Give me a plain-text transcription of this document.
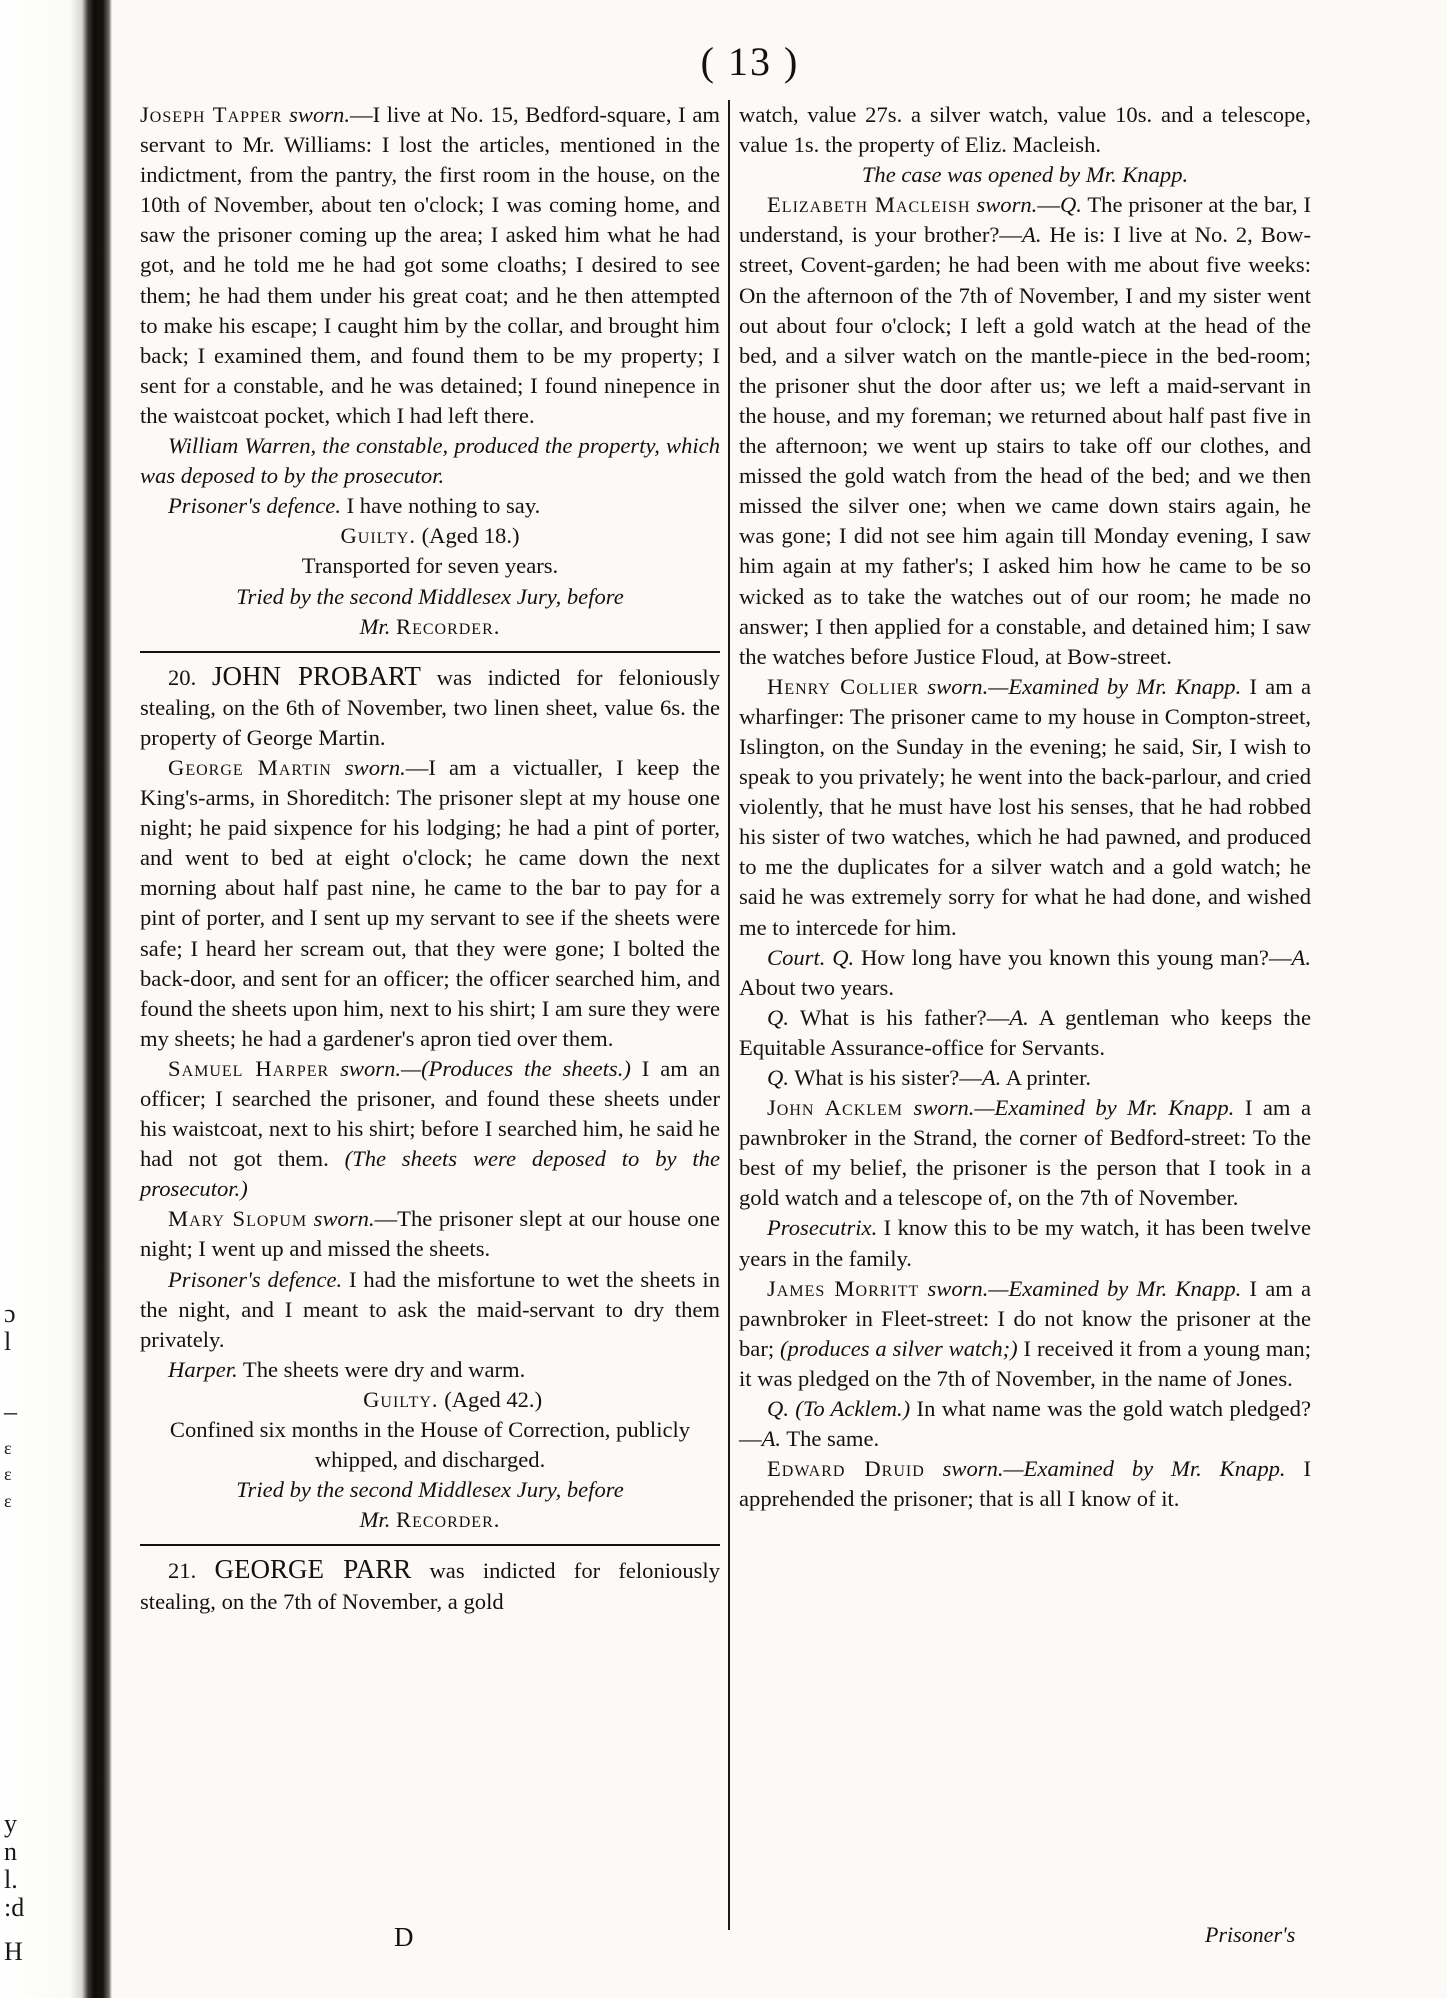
ɔ
l
–
ɛ
ɛ
ɛ
y
n
l.
:d
H
( 13 )

Joseph Tapper sworn.—I live at No. 15, Bedford-square, I am servant to Mr. Williams: I lost the articles, mentioned in the indictment, from the pantry, the first room in the house, on the 10th of November, about ten o'clock; I was coming home, and saw the prisoner coming up the area; I asked him what he had got, and he told me he had got some cloaths; I desired to see them; he had them under his great coat; and he then attempted to make his escape; I caught him by the collar, and brought him back; I examined them, and found them to be my property; I sent for a constable, and he was detained; I found ninepence in the waistcoat pocket, which I had left there.

William Warren, the constable, produced the property, which was deposed to by the prosecutor.

Prisoner's defence. I have nothing to say.

Guilty. (Aged 18.)

Transported for seven years.

Tried by the second Middlesex Jury, before

Mr. Recorder.

20. JOHN PROBART was indicted for feloniously stealing, on the 6th of November, two linen sheet, value 6s. the property of George Martin.

George Martin sworn.—I am a victualler, I keep the King's-arms, in Shoreditch: The prisoner slept at my house one night; he paid sixpence for his lodging; he had a pint of porter, and went to bed at eight o'clock; he came down the next morning about half past nine, he came to the bar to pay for a pint of porter, and I sent up my servant to see if the sheets were safe; I heard her scream out, that they were gone; I bolted the back-door, and sent for an officer; the officer searched him, and found the sheets upon him, next to his shirt; I am sure they were my sheets; he had a gardener's apron tied over them.

Samuel Harper sworn.—(Produces the sheets.) I am an officer; I searched the prisoner, and found these sheets under his waistcoat, next to his shirt; before I searched him, he said he had not got them. (The sheets were deposed to by the prosecutor.)

Mary Slopum sworn.—The prisoner slept at our house one night; I went up and missed the sheets.

Prisoner's defence. I had the misfortune to wet the sheets in the night, and I meant to ask the maid-servant to dry them privately.

Harper. The sheets were dry and warm.

Guilty. (Aged 42.)

Confined six months in the House of Correction, publicly whipped, and discharged.

Tried by the second Middlesex Jury, before

Mr. Recorder.

21. GEORGE PARR was indicted for feloniously stealing, on the 7th of November, a gold

watch, value 27s. a silver watch, value 10s. and a telescope, value 1s. the property of Eliz. Macleish.

The case was opened by Mr. Knapp.

Elizabeth Macleish sworn.—Q. The prisoner at the bar, I understand, is your brother?—A. He is: I live at No. 2, Bow-street, Covent-garden; he had been with me about five weeks: On the afternoon of the 7th of November, I and my sister went out about four o'clock; I left a gold watch at the head of the bed, and a silver watch on the mantle-piece in the bed-room; the prisoner shut the door after us; we left a maid-servant in the house, and my foreman; we returned about half past five in the afternoon; we went up stairs to take off our clothes, and missed the gold watch from the head of the bed; and we then missed the silver one; when we came down stairs again, he was gone; I did not see him again till Monday evening, I saw him again at my father's; I asked him how he came to be so wicked as to take the watches out of our room; he made no answer; I then applied for a constable, and detained him; I saw the watches before Justice Floud, at Bow-street.

Henry Collier sworn.—Examined by Mr. Knapp. I am a wharfinger: The prisoner came to my house in Compton-street, Islington, on the Sunday in the evening; he said, Sir, I wish to speak to you privately; he went into the back-parlour, and cried violently, that he must have lost his senses, that he had robbed his sister of two watches, which he had pawned, and produced to me the duplicates for a silver watch and a gold watch; he said he was extremely sorry for what he had done, and wished me to intercede for him.

Court. Q. How long have you known this young man?—A. About two years.

Q. What is his father?—A. A gentleman who keeps the Equitable Assurance-office for Servants.

Q. What is his sister?—A. A printer.

John Acklem sworn.—Examined by Mr. Knapp. I am a pawnbroker in the Strand, the corner of Bedford-street: To the best of my belief, the prisoner is the person that I took in a gold watch and a telescope of, on the 7th of November.

Prosecutrix. I know this to be my watch, it has been twelve years in the family.

James Morritt sworn.—Examined by Mr. Knapp. I am a pawnbroker in Fleet-street: I do not know the prisoner at the bar; (produces a silver watch;) I received it from a young man; it was pledged on the 7th of November, in the name of Jones.

Q. (To Acklem.) In what name was the gold watch pledged?—A. The same.

Edward Druid sworn.—Examined by Mr. Knapp. I apprehended the prisoner; that is all I know of it.

D	Prisoner's
